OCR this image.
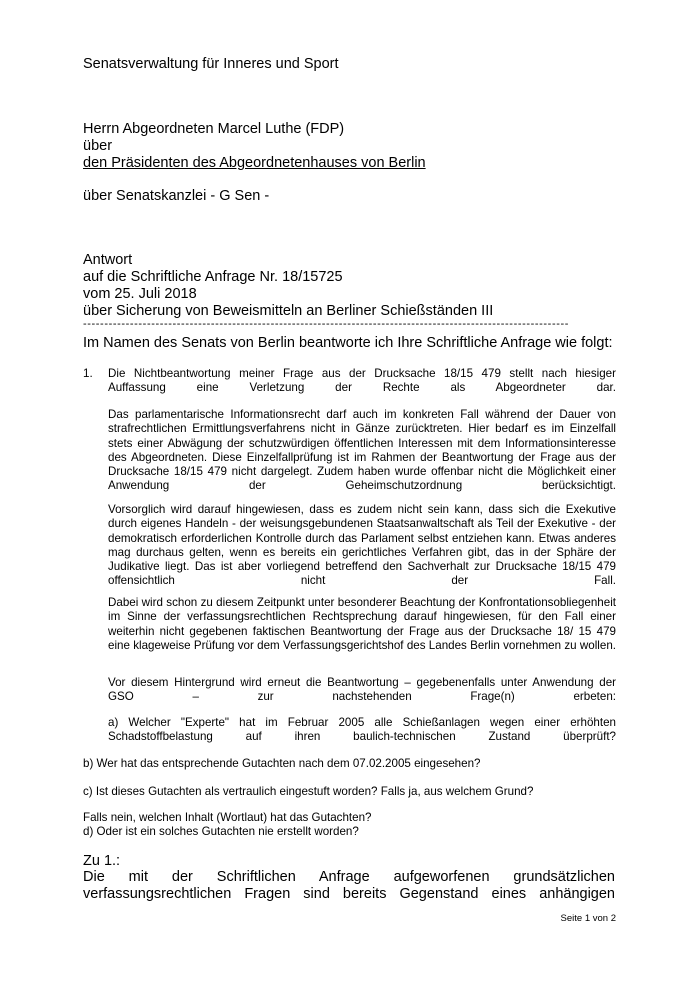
Senatsverwaltung für Inneres und Sport
Herrn Abgeordneten Marcel Luthe (FDP)
über
den Präsidenten des Abgeordnetenhauses von Berlin
über Senatskanzlei - G Sen -
Antwort
auf die Schriftliche Anfrage Nr. 18/15725
vom 25. Juli 2018
über Sicherung von Beweismitteln an Berliner Schießständen III
------------------------------------------------------------------------------------------------------------------
Im Namen des Senats von Berlin beantworte ich Ihre Schriftliche Anfrage wie folgt:
1. Die Nichtbeantwortung meiner Frage aus der Drucksache 18/15 479 stellt nach hiesiger Auffassung eine Verletzung der Rechte als Abgeordneter dar.

Das parlamentarische Informationsrecht darf auch im konkreten Fall während der Dauer von strafrechtlichen Ermittlungsverfahrens nicht in Gänze zurücktreten. Hier bedarf es im Einzelfall stets einer Abwägung der schutzwürdigen öffentlichen Interessen mit dem Informationsinteresse des Abgeordneten. Diese Einzelfallprüfung ist im Rahmen der Beantwortung der Frage aus der Drucksache 18/15 479 nicht dargelegt. Zudem haben wurde offenbar nicht die Möglichkeit einer Anwendung der Geheimschutzordnung berücksichtigt.

Vorsorglich wird darauf hingewiesen, dass es zudem nicht sein kann, dass sich die Exekutive durch eigenes Handeln - der weisungsgebundenen Staatsanwaltschaft als Teil der Exekutive - der demokratisch erforderlichen Kontrolle durch das Parlament selbst entziehen kann. Etwas anderes mag durchaus gelten, wenn es bereits ein gerichtliches Verfahren gibt, das in der Sphäre der Judikative liegt. Das ist aber vorliegend betreffend den Sachverhalt zur Drucksache 18/15 479 offensichtlich nicht der Fall.

Dabei wird schon zu diesem Zeitpunkt unter besonderer Beachtung der Konfrontationsobliegenheit im Sinne der verfassungsrechtlichen Rechtsprechung darauf hingewiesen, für den Fall einer weiterhin nicht gegebenen faktischen Beantwortung der Frage aus der Drucksache 18/ 15 479 eine klageweise Prüfung vor dem Verfassungsgerichtshof des Landes Berlin vornehmen zu wollen.

Vor diesem Hintergrund wird erneut die Beantwortung – gegebenenfalls unter Anwendung der GSO – zur nachstehenden Frage(n) erbeten:

a) Welcher "Experte" hat im Februar 2005 alle Schießanlagen wegen einer erhöhten Schadstoffbelastung auf ihren baulich-technischen Zustand überprüft?

b) Wer hat das entsprechende Gutachten nach dem 07.02.2005 eingesehen?
c) Ist dieses Gutachten als vertraulich eingestuft worden? Falls ja, aus welchem Grund?
Falls nein, welchen Inhalt (Wortlaut) hat das Gutachten?
d) Oder ist ein solches Gutachten nie erstellt worden?
Zu 1.:
Die mit der Schriftlichen Anfrage aufgeworfenen grundsätzlichen
verfassungsrechtlichen Fragen sind bereits Gegenstand eines anhängigen
Seite 1 von 2
